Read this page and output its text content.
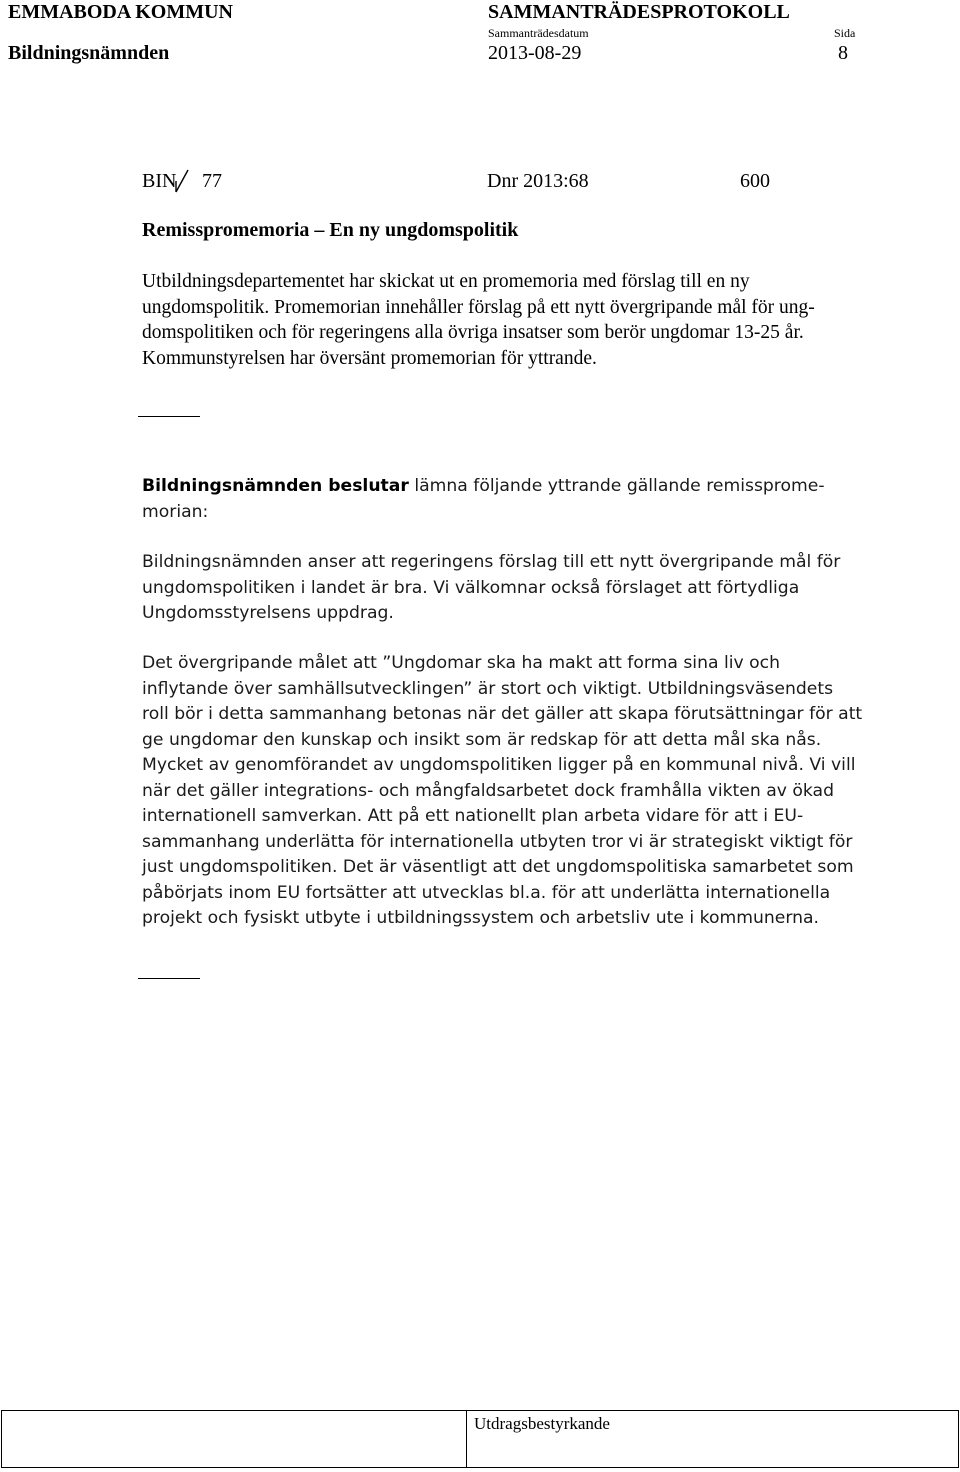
EMMABODA KOMMUN	SAMMANTRÄDESPROTOKOLL
Sammanträdesdatum	Sida
Bildningsnämnden	2013-08-29	8
BIN 77	Dnr 2013:68	600
Remisspromemoria – En ny ungdomspolitik
Utbildningsdepartementet har skickat ut en promemoria med förslag till en ny
ungdomspolitik. Promemorian innehåller förslag på ett nytt övergripande mål för ung-
domspolitiken och för regeringens alla övriga insatser som berör ungdomar 13-25 år.
Kommunstyrelsen har översänt promemorian för yttrande.
Bildningsnämnden beslutar lämna följande yttrande gällande remissprome-
morian:
Bildningsnämnden anser att regeringens förslag till ett nytt övergripande mål för
ungdomspolitiken i landet är bra. Vi välkomnar också förslaget att förtydliga
Ungdomsstyrelsens uppdrag.
Det övergripande målet att ”Ungdomar ska ha makt att forma sina liv och
inflytande över samhällsutvecklingen” är stort och viktigt. Utbildningsväsendets
roll bör i detta sammanhang betonas när det gäller att skapa förutsättningar för att
ge ungdomar den kunskap och insikt som är redskap för att detta mål ska nås.
Mycket av genomförandet av ungdomspolitiken ligger på en kommunal nivå. Vi vill
när det gäller integrations- och mångfaldsarbetet dock framhålla vikten av ökad
internationell samverkan. Att på ett nationellt plan arbeta vidare för att i EU-
sammanhang underlätta för internationella utbyten tror vi är strategiskt viktigt för
just ungdomspolitiken. Det är väsentligt att det ungdomspolitiska samarbetet som
påbörjats inom EU fortsätter att utvecklas bl.a. för att underlätta internationella
projekt och fysiskt utbyte i utbildningssystem och arbetsliv ute i kommunerna.
Utdragsbestyrkande
